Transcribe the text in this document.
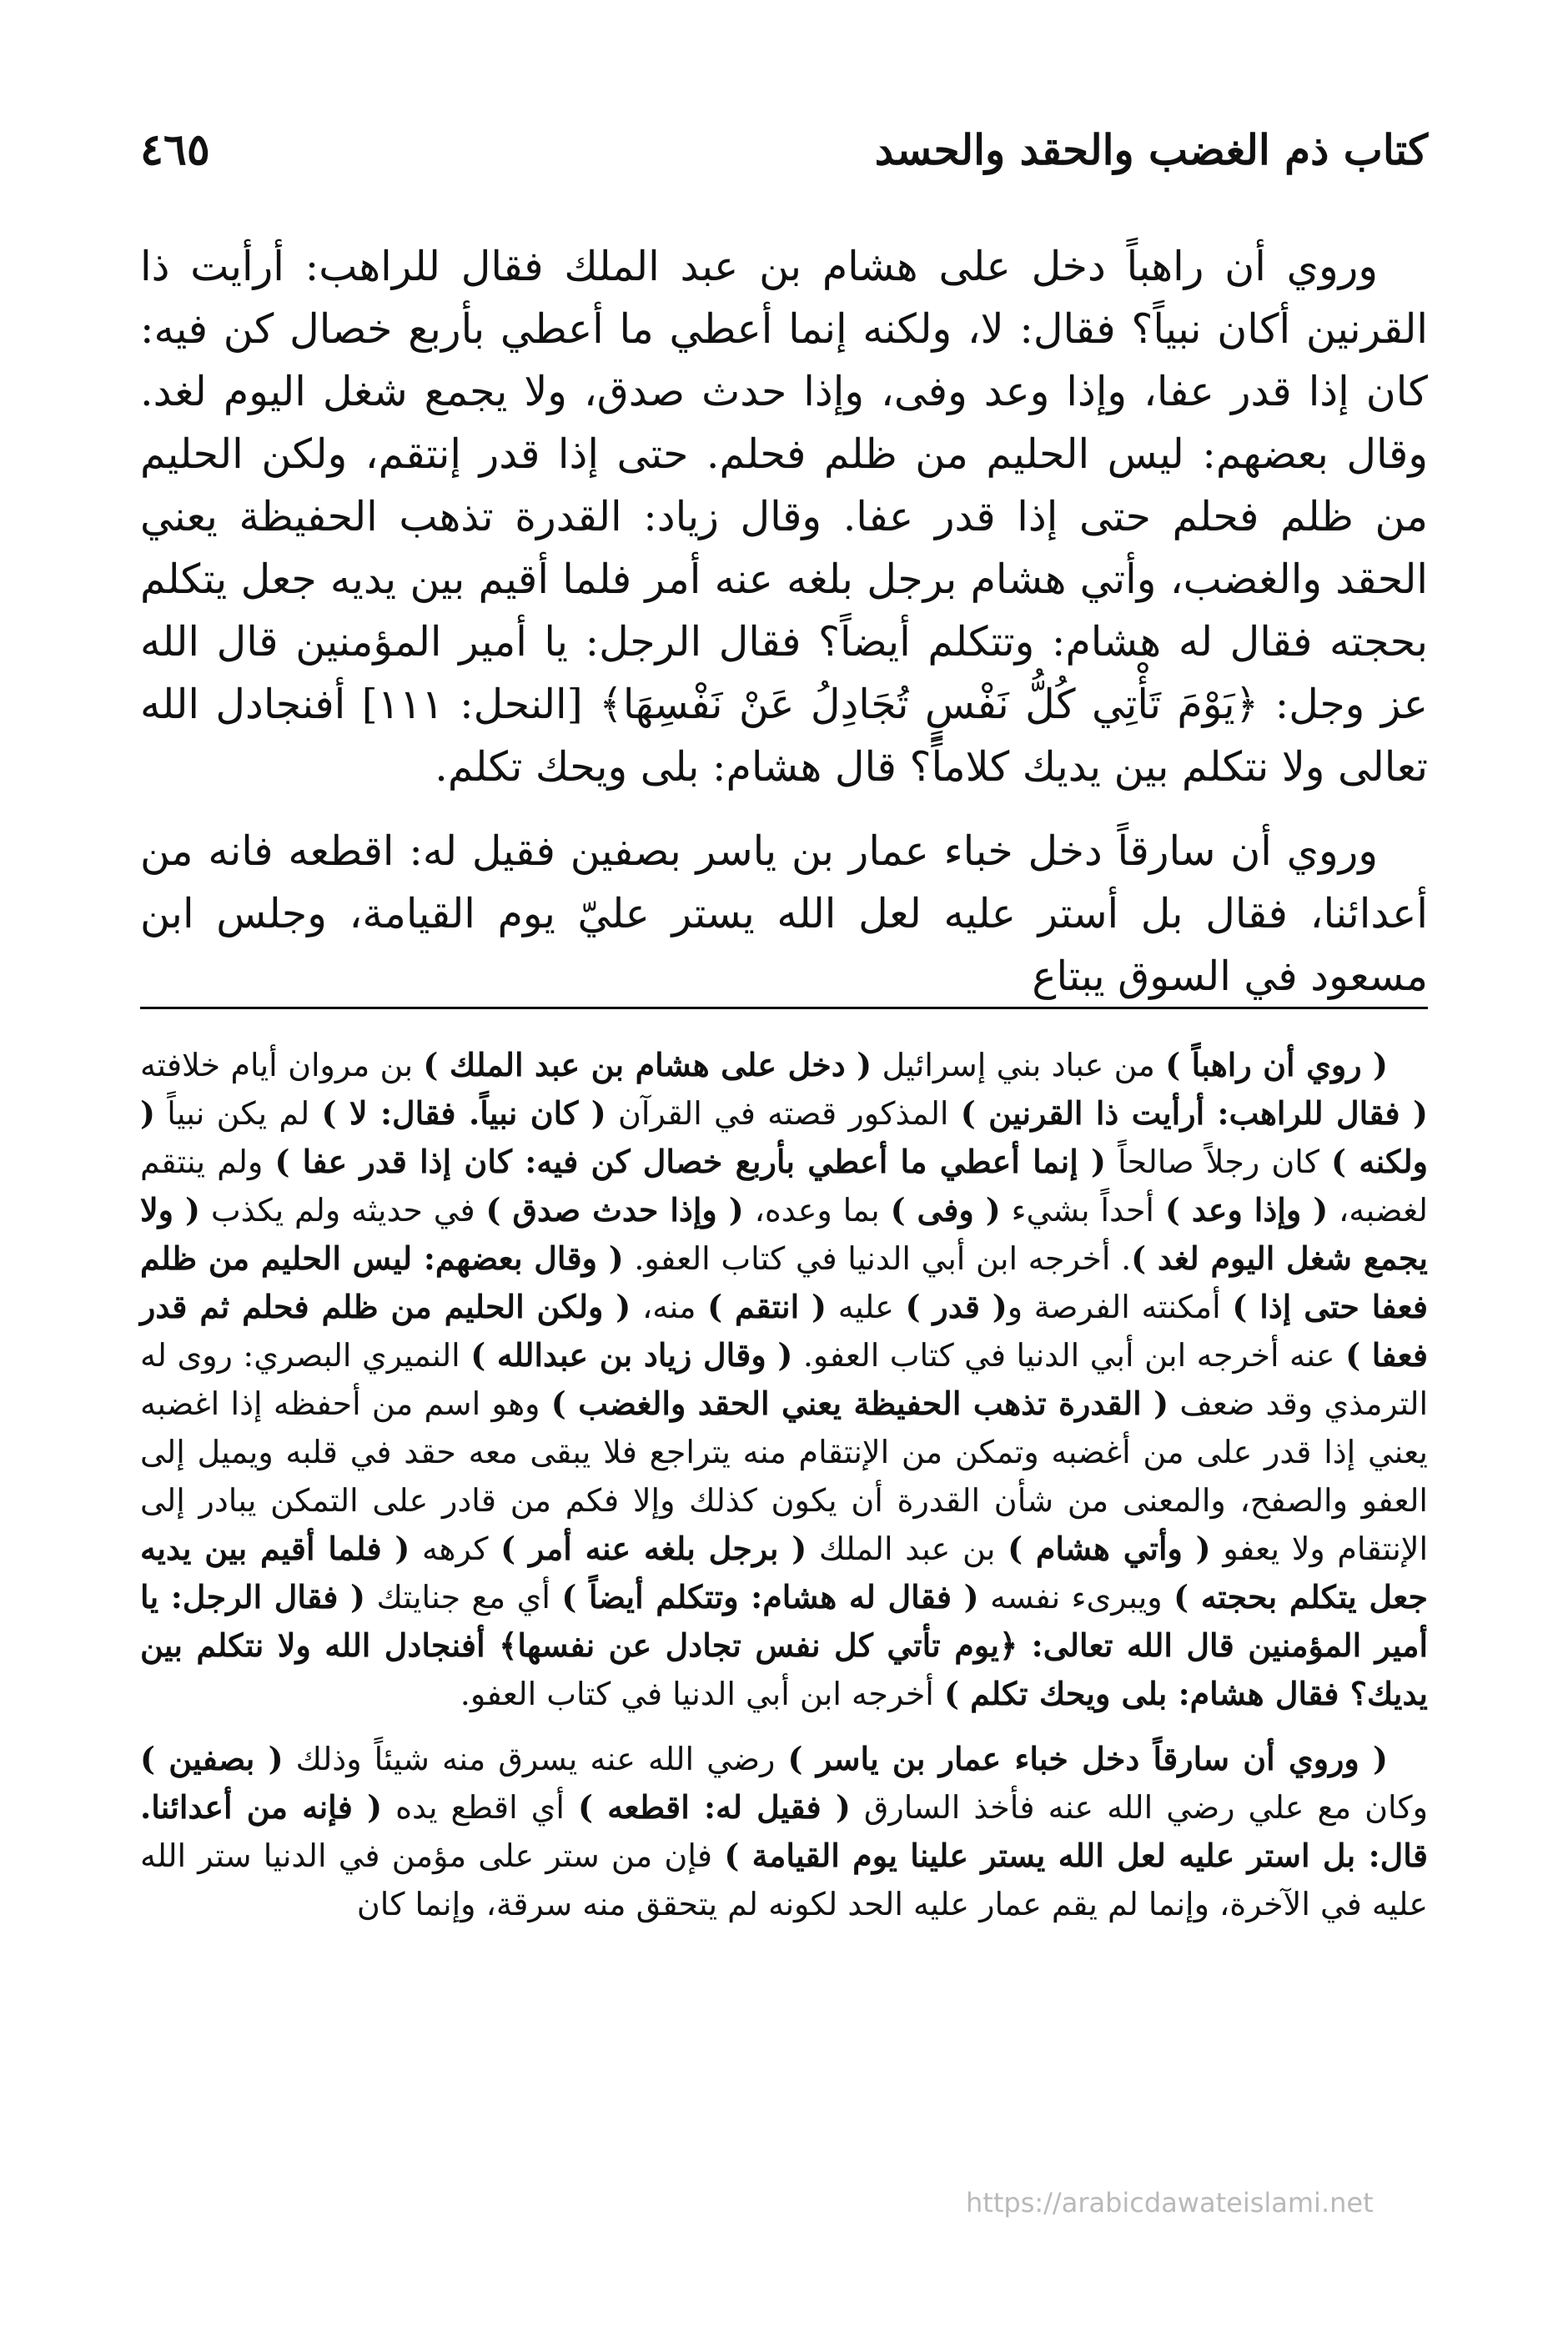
كتاب ذم الغضب والحقد والحسد
٤٦٥

وروي أن راهباً دخل على هشام بن عبد الملك فقال للراهب: أرأيت ذا القرنين أكان نبياً؟ فقال: لا، ولكنه إنما أعطي ما أعطي بأربع خصال كن فيه: كان إذا قدر عفا، وإذا وعد وفى، وإذا حدث صدق، ولا يجمع شغل اليوم لغد. وقال بعضهم: ليس الحليم من ظلم فحلم. حتى إذا قدر إنتقم، ولكن الحليم من ظلم فحلم حتى إذا قدر عفا. وقال زياد: القدرة تذهب الحفيظة يعني الحقد والغضب، وأتي هشام برجل بلغه عنه أمر فلما أقيم بين يديه جعل يتكلم بحجته فقال له هشام: وتتكلم أيضاً؟ فقال الرجل: يا أمير المؤمنين قال الله عز وجل: ﴿يَوْمَ تَأْتِي كُلُّ نَفْسٍ تُجَادِلُ عَنْ نَفْسِهَا﴾ [النحل: ١١١] أفنجادل الله تعالى ولا نتكلم بين يديك كلاماً؟ قال هشام: بلى ويحك تكلم.

وروي أن سارقاً دخل خباء عمار بن ياسر بصفين فقيل له: اقطعه فانه من أعدائنا، فقال بل أستر عليه لعل الله يستر عليّ يوم القيامة، وجلس ابن مسعود في السوق يبتاع

( روي أن راهباً ) من عباد بني إسرائيل ( دخل على هشام بن عبد الملك ) بن مروان أيام خلافته ( فقال للراهب: أرأيت ذا القرنين ) المذكور قصته في القرآن ( كان نبياً. فقال: لا ) لم يكن نبياً ( ولكنه ) كان رجلاً صالحاً ( إنما أعطي ما أعطي بأربع خصال كن فيه: كان إذا قدر عفا ) ولم ينتقم لغضبه، ( وإذا وعد ) أحداً بشيء ( وفى ) بما وعده، ( وإذا حدث صدق ) في حديثه ولم يكذب ( ولا يجمع شغل اليوم لغد ). أخرجه ابن أبي الدنيا في كتاب العفو. ( وقال بعضهم: ليس الحليم من ظلم فعفا حتى إذا ) أمكنته الفرصة و( قدر ) عليه ( انتقم ) منه، ( ولكن الحليم من ظلم فحلم ثم قدر فعفا ) عنه أخرجه ابن أبي الدنيا في كتاب العفو. ( وقال زياد بن عبدالله ) النميري البصري: روى له الترمذي وقد ضعف ( القدرة تذهب الحفيظة يعني الحقد والغضب ) وهو اسم من أحفظه إذا اغضبه يعني إذا قدر على من أغضبه وتمكن من الإنتقام منه يتراجع فلا يبقى معه حقد في قلبه ويميل إلى العفو والصفح، والمعنى من شأن القدرة أن يكون كذلك وإلا فكم من قادر على التمكن يبادر إلى الإنتقام ولا يعفو ( وأتي هشام ) بن عبد الملك ( برجل بلغه عنه أمر ) كرهه ( فلما أقيم بين يديه جعل يتكلم بحجته ) ويبرىء نفسه ( فقال له هشام: وتتكلم أيضاً ) أي مع جنايتك ( فقال الرجل: يا أمير المؤمنين قال الله تعالى: ﴿يوم تأتي كل نفس تجادل عن نفسها﴾ أفنجادل الله ولا نتكلم بين يديك؟ فقال هشام: بلى ويحك تكلم ) أخرجه ابن أبي الدنيا في كتاب العفو.

( وروي أن سارقاً دخل خباء عمار بن ياسر ) رضي الله عنه يسرق منه شيئاً وذلك ( بصفين ) وكان مع علي رضي الله عنه فأخذ السارق ( فقيل له: اقطعه ) أي اقطع يده ( فإنه من أعدائنا. قال: بل استر عليه لعل الله يستر علينا يوم القيامة ) فإن من ستر على مؤمن في الدنيا ستر الله عليه في الآخرة، وإنما لم يقم عمار عليه الحد لكونه لم يتحقق منه سرقة، وإنما كان

https://arabicdawateislami.net
